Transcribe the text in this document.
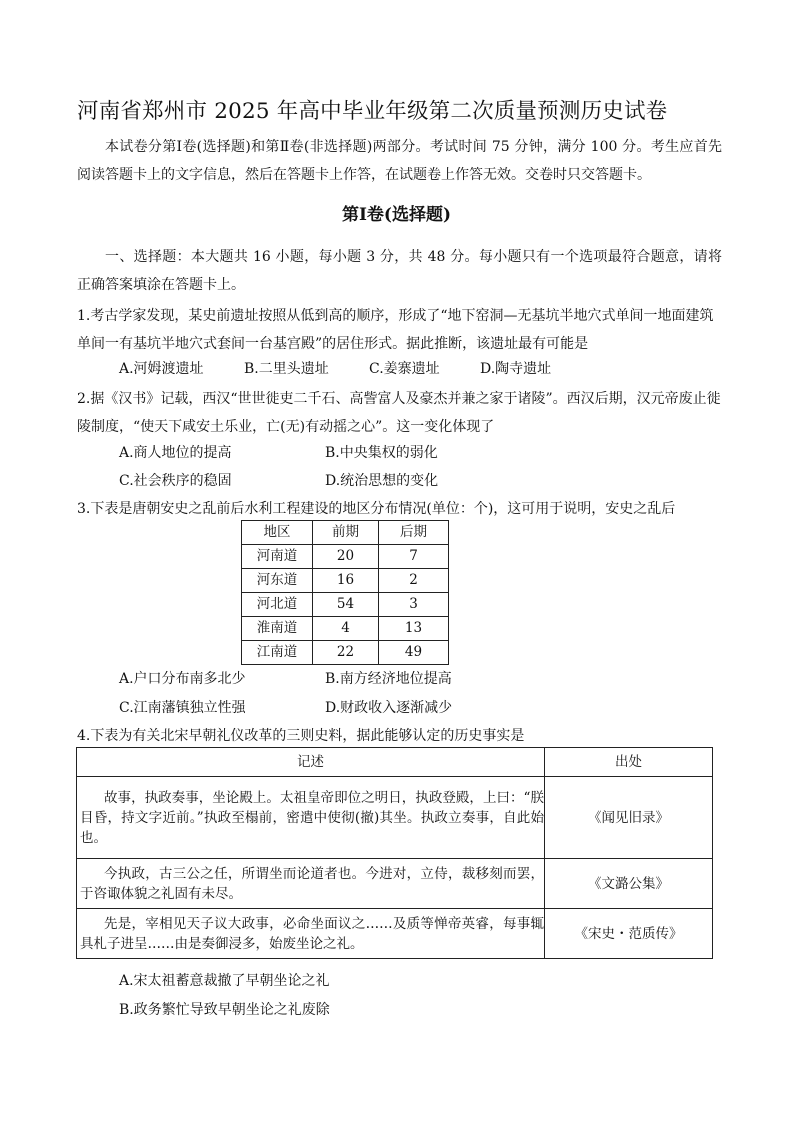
河南省郑州市 2025 年高中毕业年级第二次质量预测历史试卷
本试卷分第Ⅰ卷(选择题)和第Ⅱ卷(非选择题)两部分。考试时间 75 分钟，满分 100 分。考生应首先阅读答题卡上的文字信息，然后在答题卡上作答，在试题卷上作答无效。交卷时只交答题卡。
第Ⅰ卷(选择题)
一、选择题：本大题共 16 小题，每小题 3 分，共 48 分。每小题只有一个选项最符合题意，请将正确答案填涂在答题卡上。
1.考古学家发现，某史前遗址按照从低到高的顺序，形成了“地下窑洞—无基坑半地穴式单间一地面建筑单间一有基坑半地穴式套间一台基宫殿”的居住形式。据此推断，该遗址最有可能是
A.河姆渡遗址	B.二里头遗址	C.姜寨遗址	D.陶寺遗址
2.据《汉书》记载，西汉“世世徙吏二千石、高訾富人及豪杰并兼之家于诸陵”。西汉后期，汉元帝废止徙陵制度，“使天下咸安土乐业，亡(无)有动摇之心”。这一变化体现了
A.商人地位的提高	B.中央集权的弱化
C.社会秩序的稳固	D.统治思想的变化
3.下表是唐朝安史之乱前后水利工程建设的地区分布情况(单位：个)，这可用于说明，安史之乱后
地区	前期	后期
河南道	20	7
河东道	16	2
河北道	54	3
淮南道	4	13
江南道	22	49
A.户口分布南多北少	B.南方经济地位提高
C.江南藩镇独立性强	D.财政收入逐渐减少
4.下表为有关北宋早朝礼仪改革的三则史料，据此能够认定的历史事实是
记述	出处
故事，执政奏事，坐论殿上。太祖皇帝即位之明日，执政登殿，上曰：“朕目昏，持文字近前。”执政至榻前，密遣中使彻(撤)其坐。执政立奏事，自此始也。	《闻见旧录》
今执政，古三公之任，所谓坐而论道者也。今进对，立侍，裁移刻而罢，于咨诹体貌之礼固有未尽。	《文潞公集》
先是，宰相见天子议大政事，必命坐面议之……及质等惮帝英睿，每事辄具札子进呈……由是奏御浸多，始废坐论之礼。	《宋史・范质传》
A.宋太祖蓄意裁撤了早朝坐论之礼
B.政务繁忙导致早朝坐论之礼废除
